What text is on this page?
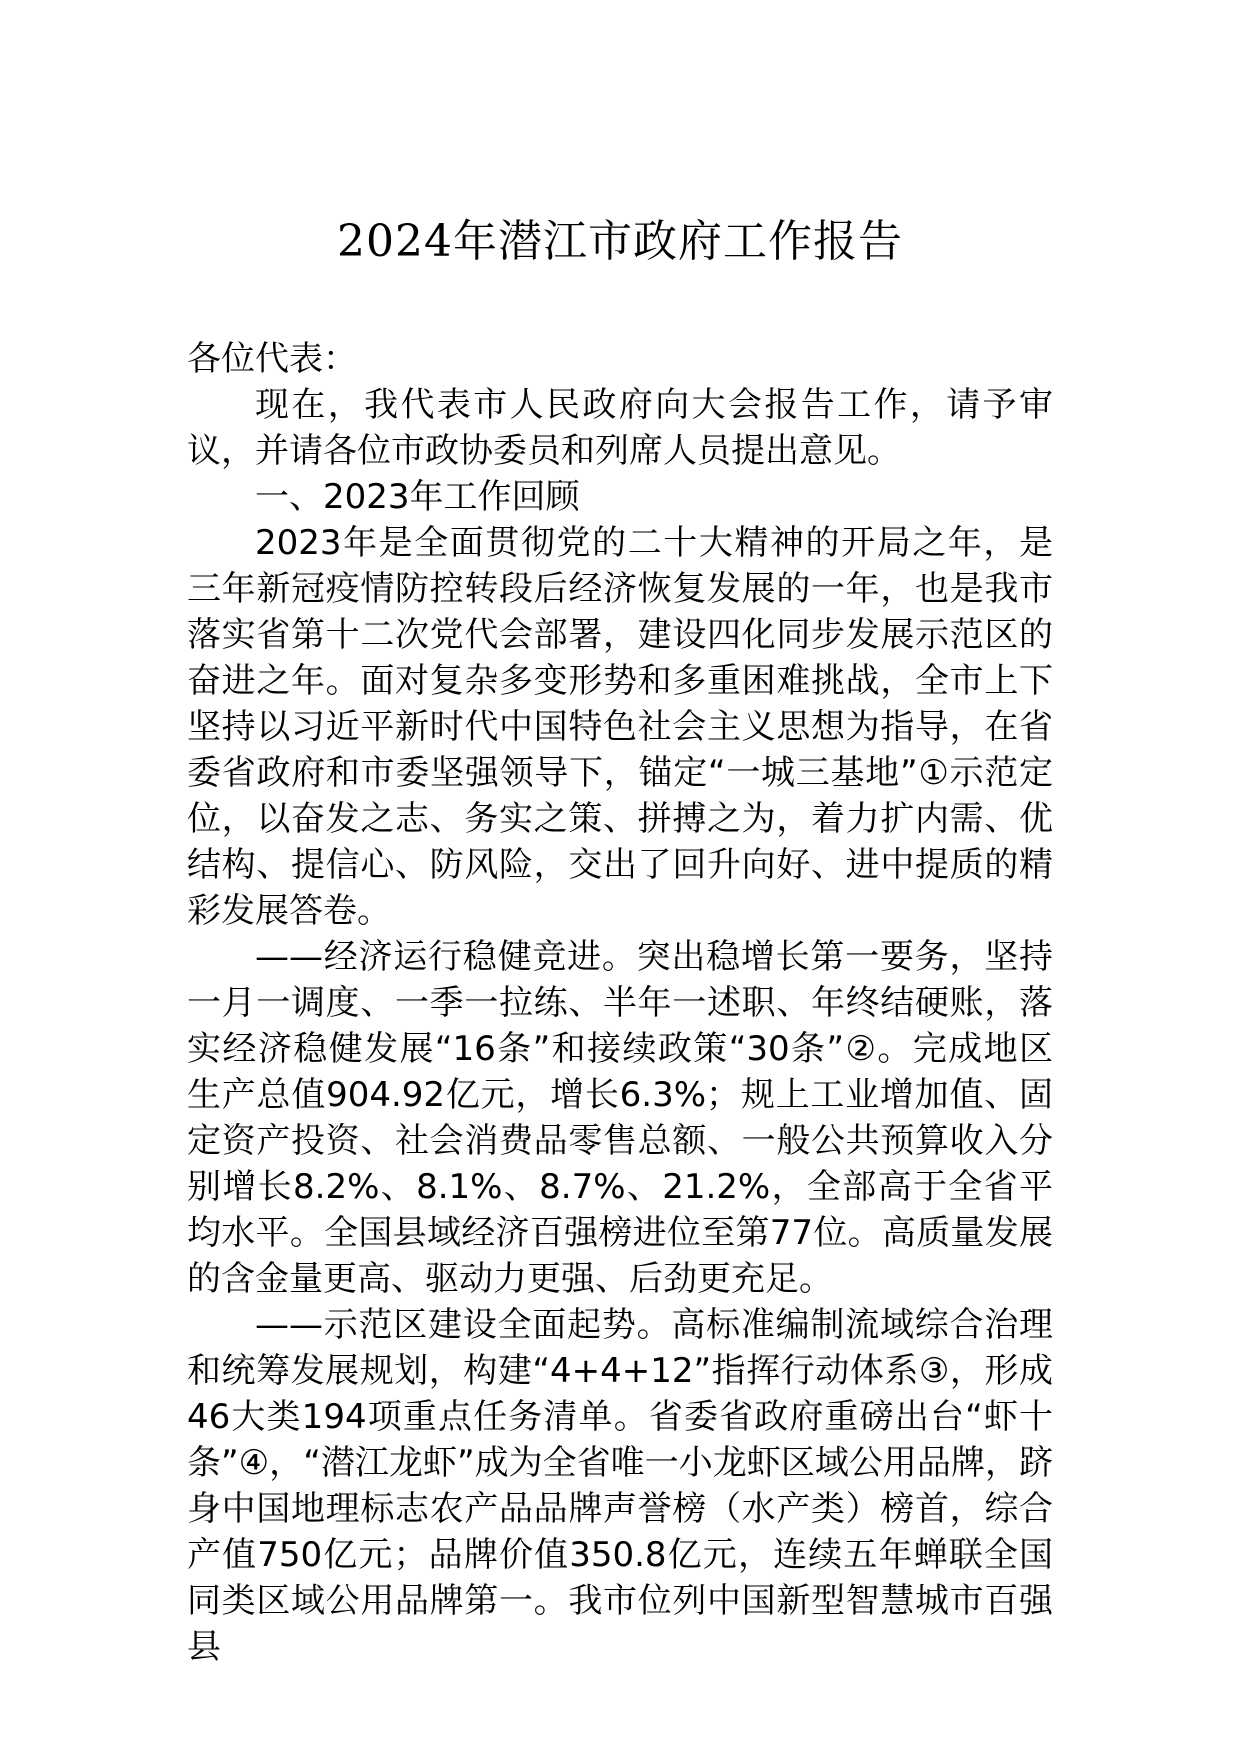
2024年潜江市政府工作报告

各位代表：

现在，我代表市人民政府向大会报告工作，请予审议，并请各位市政协委员和列席人员提出意见。

一、2023年工作回顾

2023年是全面贯彻党的二十大精神的开局之年，是三年新冠疫情防控转段后经济恢复发展的一年，也是我市落实省第十二次党代会部署，建设四化同步发展示范区的奋进之年。面对复杂多变形势和多重困难挑战，全市上下坚持以习近平新时代中国特色社会主义思想为指导，在省委省政府和市委坚强领导下，锚定“一城三基地”①示范定位，以奋发之志、务实之策、拼搏之为，着力扩内需、优结构、提信心、防风险，交出了回升向好、进中提质的精彩发展答卷。

——经济运行稳健竞进。突出稳增长第一要务，坚持一月一调度、一季一拉练、半年一述职、年终结硬账，落实经济稳健发展“16条”和接续政策“30条”②。完成地区生产总值904.92亿元，增长6.3%；规上工业增加值、固定资产投资、社会消费品零售总额、一般公共预算收入分别增长8.2%、8.1%、8.7%、21.2%，全部高于全省平均水平。全国县域经济百强榜进位至第77位。高质量发展的含金量更高、驱动力更强、后劲更充足。

——示范区建设全面起势。高标准编制流域综合治理和统筹发展规划，构建“4+4+12”指挥行动体系③，形成46大类194项重点任务清单。省委省政府重磅出台“虾十条”④，“潜江龙虾”成为全省唯一小龙虾区域公用品牌，跻身中国地理标志农产品品牌声誉榜（水产类）榜首，综合产值750亿元；品牌价值350.8亿元，连续五年蝉联全国同类区域公用品牌第一。我市位列中国新型智慧城市百强县
